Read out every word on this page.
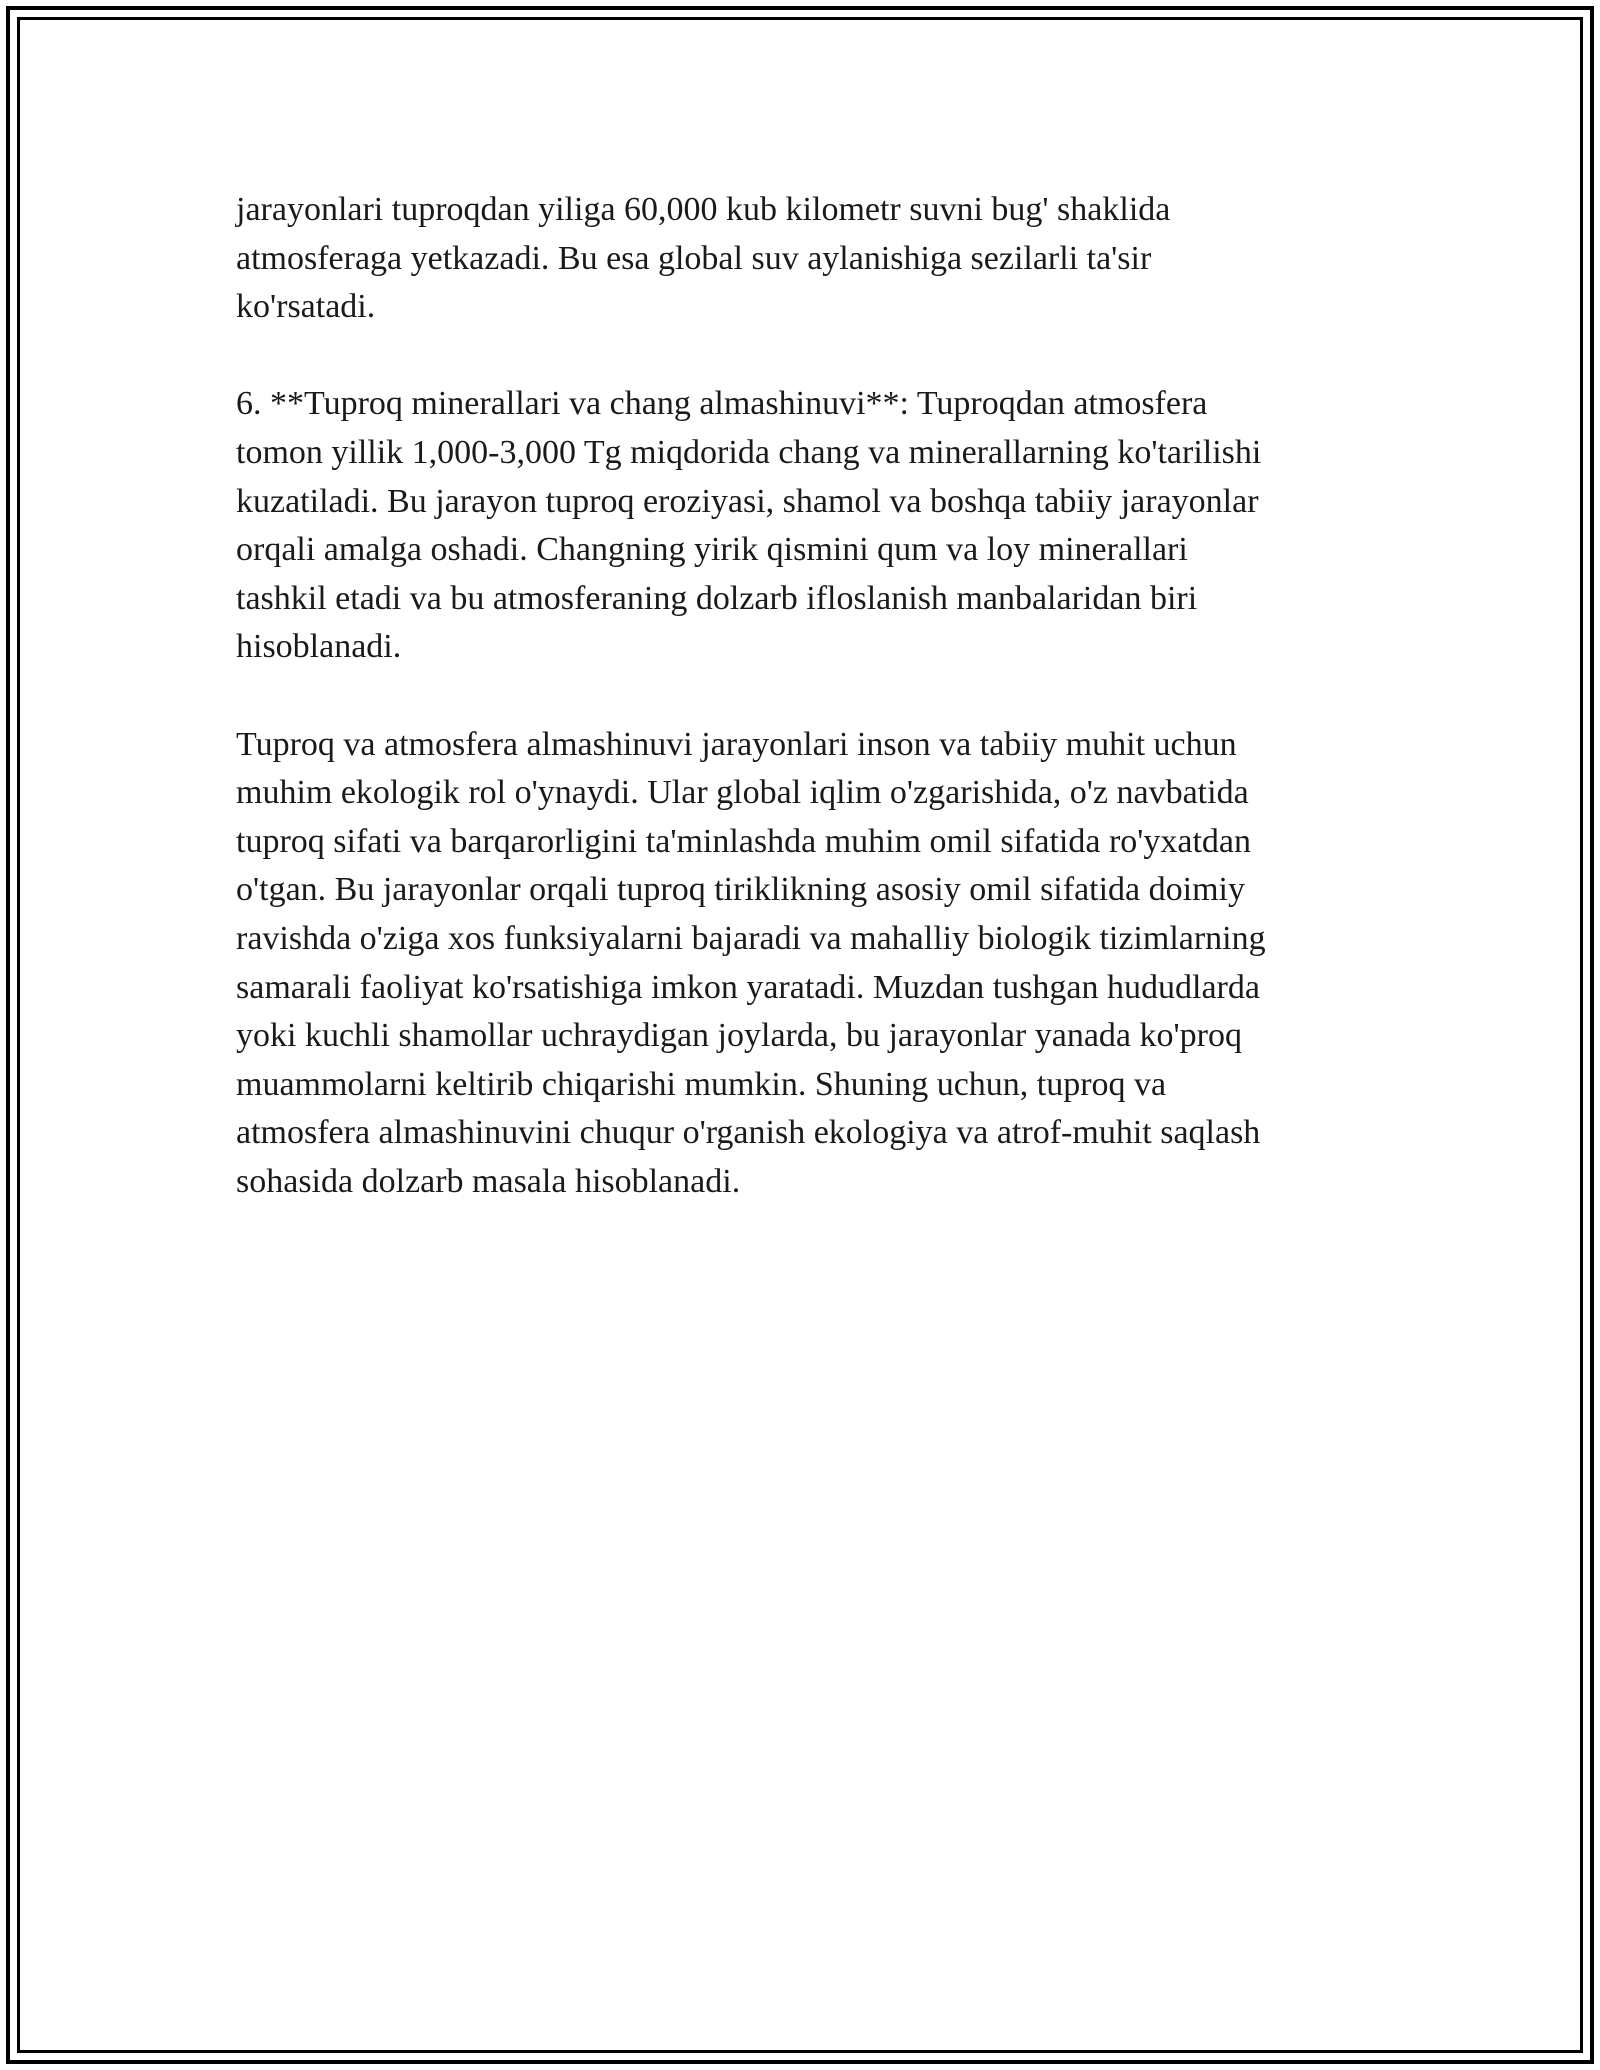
jarayonlari tuproqdan yiliga 60,000 kub kilometr suvni bug' shaklida
atmosferaga yetkazadi. Bu esa global suv aylanishiga sezilarli ta'sir
ko'rsatadi.

6. **Tuproq minerallari va chang almashinuvi**: Tuproqdan atmosfera
tomon yillik 1,000-3,000 Tg miqdorida chang va minerallarning ko'tarilishi
kuzatiladi. Bu jarayon tuproq eroziyasi, shamol va boshqa tabiiy jarayonlar
orqali amalga oshadi. Changning yirik qismini qum va loy minerallari
tashkil etadi va bu atmosferaning dolzarb ifloslanish manbalaridan biri
hisoblanadi.

Tuproq va atmosfera almashinuvi jarayonlari inson va tabiiy muhit uchun
muhim ekologik rol o'ynaydi. Ular global iqlim o'zgarishida, o'z navbatida
tuproq sifati va barqarorligini ta'minlashda muhim omil sifatida ro'yxatdan
o'tgan. Bu jarayonlar orqali tuproq tiriklikning asosiy omil sifatida doimiy
ravishda o'ziga xos funksiyalarni bajaradi va mahalliy biologik tizimlarning
samarali faoliyat ko'rsatishiga imkon yaratadi. Muzdan tushgan hududlarda
yoki kuchli shamollar uchraydigan joylarda, bu jarayonlar yanada ko'proq
muammolarni keltirib chiqarishi mumkin. Shuning uchun, tuproq va
atmosfera almashinuvini chuqur o'rganish ekologiya va atrof-muhit saqlash
sohasida dolzarb masala hisoblanadi.
